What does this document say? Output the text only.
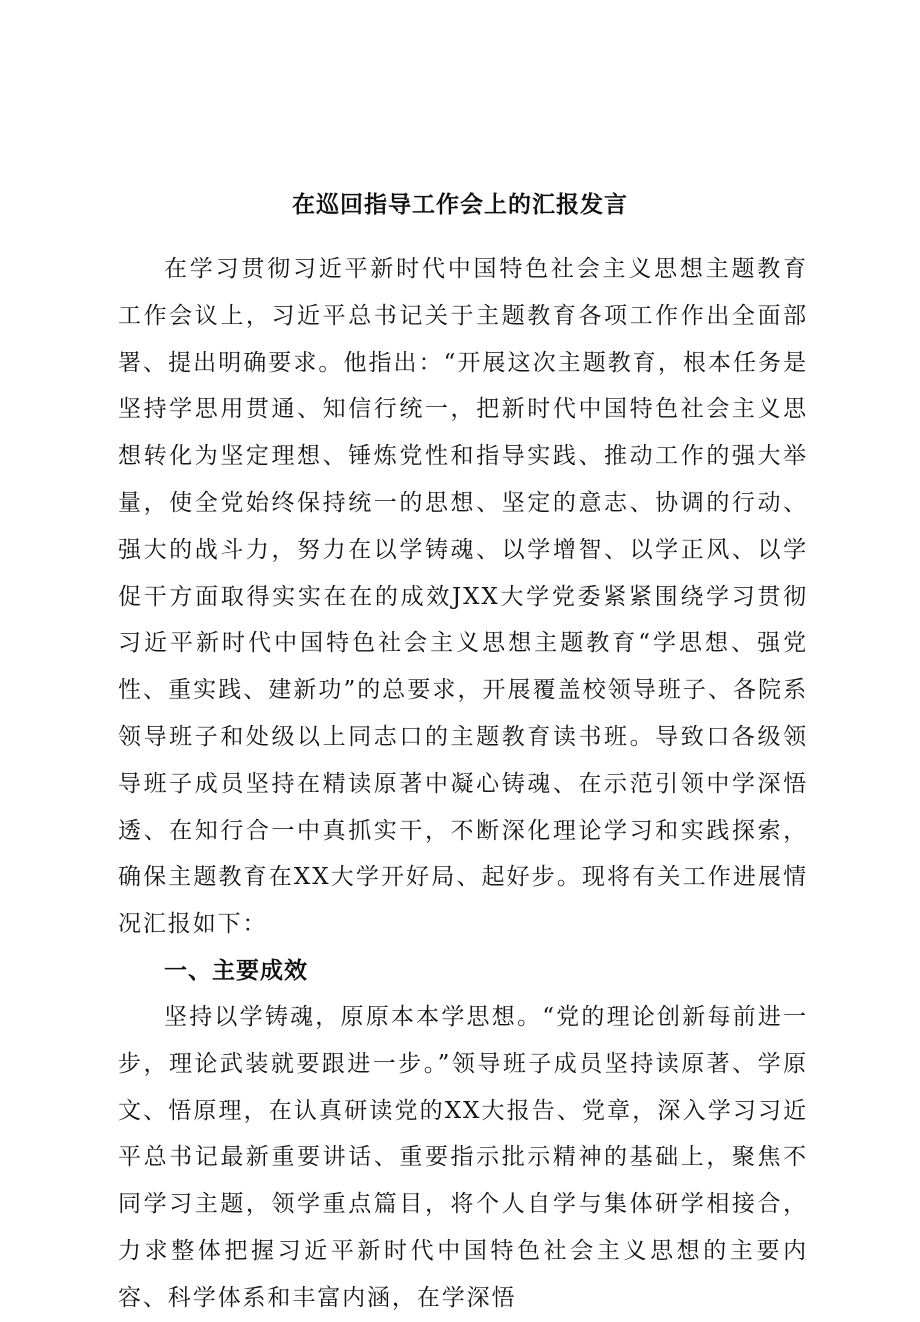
在巡回指导工作会上的汇报发言

在学习贯彻习近平新时代中国特色社会主义思想主题教育工作会议上，习近平总书记关于主题教育各项工作作出全面部署、提出明确要求。他指出：“开展这次主题教育，根本任务是坚持学思用贯通、知信行统一，把新时代中国特色社会主义思想转化为坚定理想、锤炼党性和指导实践、推动工作的强大举量，使全党始终保持统一的思想、坚定的意志、协调的行动、强大的战斗力，努力在以学铸魂、以学增智、以学正风、以学促干方面取得实实在在的成效JXX大学党委紧紧围绕学习贯彻习近平新时代中国特色社会主义思想主题教育“学思想、强党性、重实践、建新功”的总要求，开展覆盖校领导班子、各院系领导班子和处级以上同志口的主题教育读书班。导致口各级领导班子成员坚持在精读原著中凝心铸魂、在示范引领中学深悟透、在知行合一中真抓实干，不断深化理论学习和实践探索，确保主题教育在XX大学开好局、起好步。现将有关工作进展情况汇报如下：

一、主要成效

坚持以学铸魂，原原本本学思想。“党的理论创新每前进一步，理论武装就要跟进一步。”领导班子成员坚持读原著、学原文、悟原理，在认真研读党的XX大报告、党章，深入学习习近平总书记最新重要讲话、重要指示批示精神的基础上，聚焦不同学习主题，领学重点篇目，将个人自学与集体研学相接合，力求整体把握习近平新时代中国特色社会主义思想的主要内容、科学体系和丰富内涵，在学深悟
